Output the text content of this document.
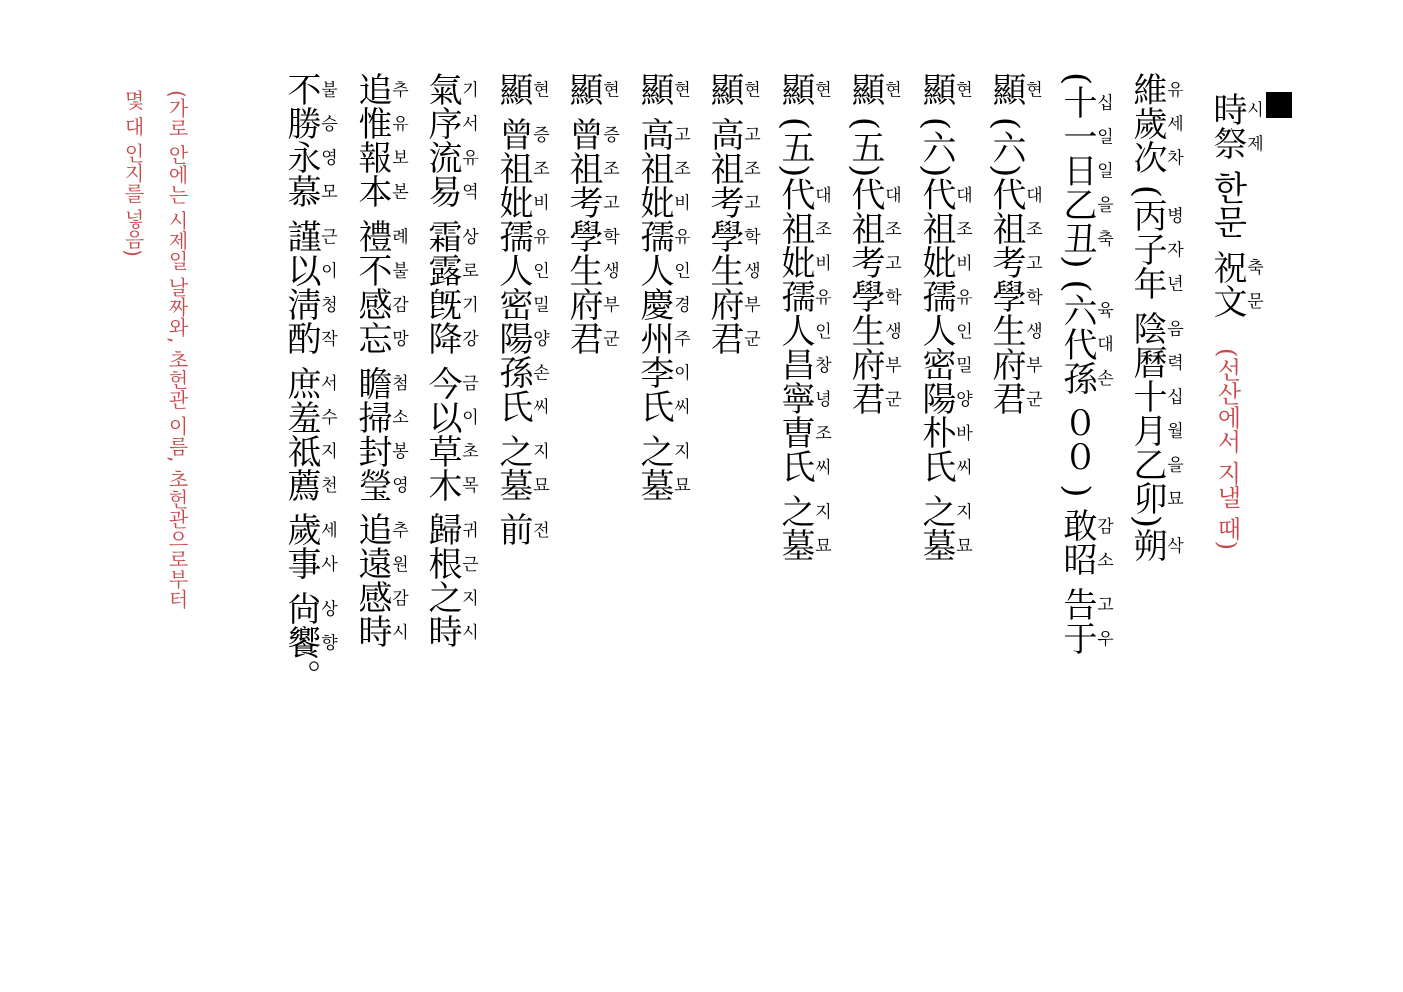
時시祭제 한문 祝축文문 (선산에서 지낼 때)
維유歲세次차 (丙병子자年년 陰음曆력十십月월乙을卯묘)朔삭
(十십一일日일乙을丑축) (六육代대孫손 ００ ) 敢감昭소 告고于우
顯현 (六)代대祖조考고學학生생府부君군
顯현 (六)代대祖조妣비孺유人인密밀陽양朴바氏씨 之지墓묘
顯현 (五)代대祖조考고學학生생府부君군
顯현 (五)代대祖조妣비孺유人인昌창寧녕曺조氏씨 之지墓묘
顯현 高고祖조考고學학生생府부君군
顯현 高고祖조妣비孺유人인慶경州주李이氏씨 之지墓묘
顯현 曾증祖조考고學학生생府부君군
顯현 曾증祖조妣비孺유人인密밀陽양孫손氏씨 之지墓묘 前전
氣기序서流유易역 霜상露로旣기降강 今금以이草초木목 歸귀根근之지時시
追추惟유報보本본 禮례不불感감忘망 瞻첨掃소封봉瑩영 追추遠원感감時시
不불勝승永영慕모 謹근以이淸청酌작 庶서羞수祗지薦천 歲세事사 尙상饗향。
(가로 안에는 시제일 날짜와, 초헌관 이름, 초헌관으로부터
몇 대 인지를 넣음)
